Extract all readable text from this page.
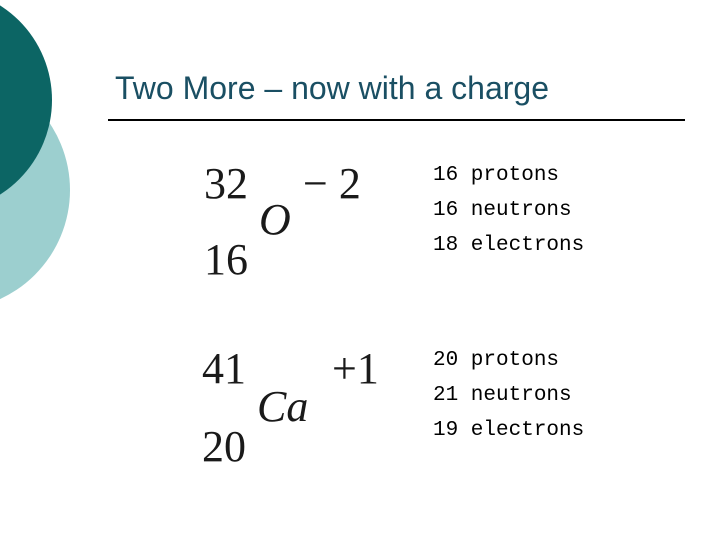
Two More – now with a charge
32
O
− 2
16
16 protons
16 neutrons
18 electrons
41
Ca
+1
20
20 protons
21 neutrons
19 electrons
